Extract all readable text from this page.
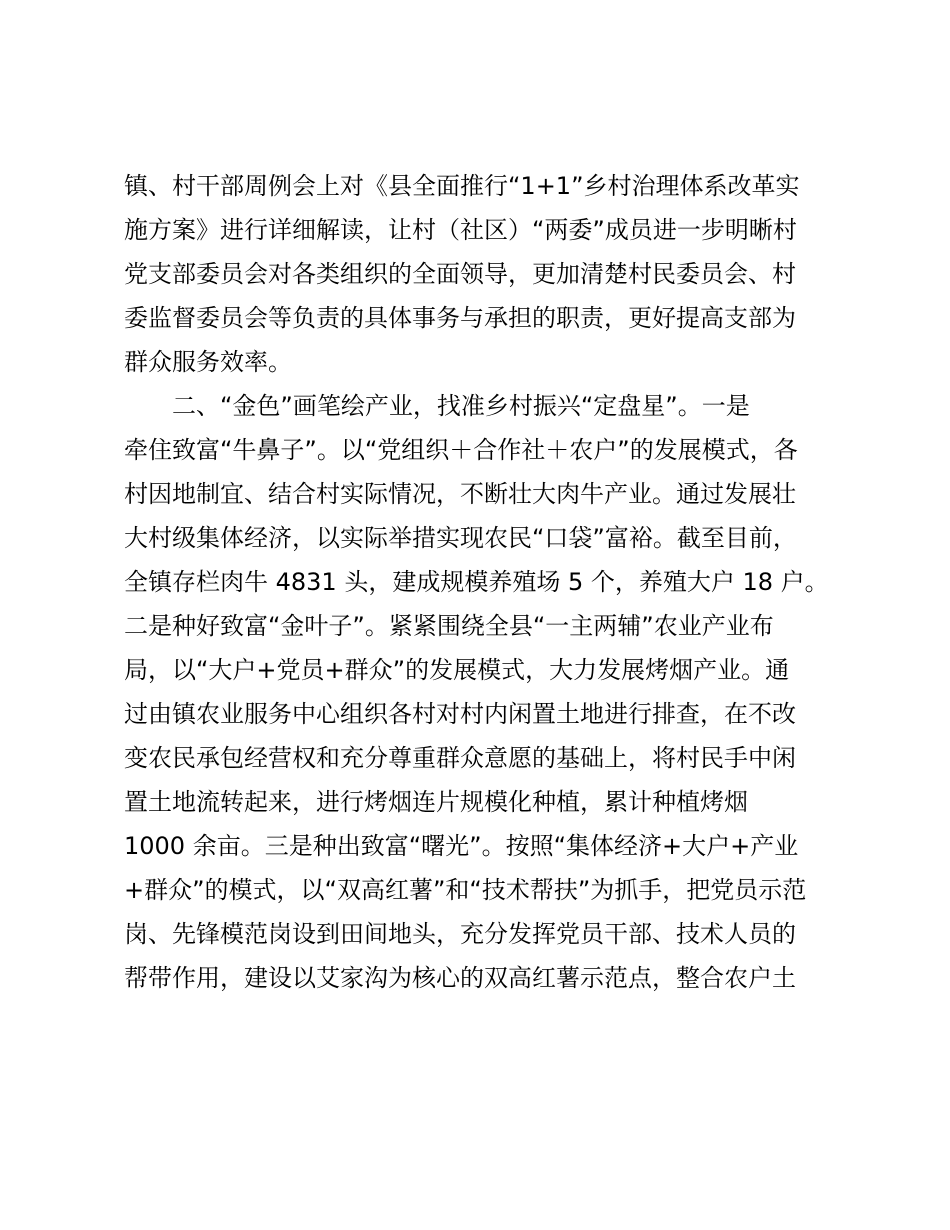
镇、村干部周例会上对《县全面推行“1+1”乡村治理体系改革实
施方案》进行详细解读，让村（社区）“两委”成员进一步明晰村
党支部委员会对各类组织的全面领导，更加清楚村民委员会、村
委监督委员会等负责的具体事务与承担的职责，更好提高支部为
群众服务效率。
二、“金色”画笔绘产业，找准乡村振兴“定盘星”。一是
牵住致富“牛鼻子”。以“党组织＋合作社＋农户”的发展模式，各
村因地制宜、结合村实际情况，不断壮大肉牛产业。通过发展壮
大村级集体经济，以实际举措实现农民“口袋”富裕。截至目前，
全镇存栏肉牛 4831 头，建成规模养殖场 5 个，养殖大户 18 户。
二是种好致富“金叶子”。紧紧围绕全县“一主两辅”农业产业布
局，以“大户+党员+群众”的发展模式，大力发展烤烟产业。通
过由镇农业服务中心组织各村对村内闲置土地进行排查，在不改
变农民承包经营权和充分尊重群众意愿的基础上，将村民手中闲
置土地流转起来，进行烤烟连片规模化种植，累计种植烤烟
1000 余亩。三是种出致富“曙光”。按照“集体经济+大户+产业
+群众”的模式，以“双高红薯”和“技术帮扶”为抓手，把党员示范
岗、先锋模范岗设到田间地头，充分发挥党员干部、技术人员的
帮带作用，建设以艾家沟为核心的双高红薯示范点，整合农户土
